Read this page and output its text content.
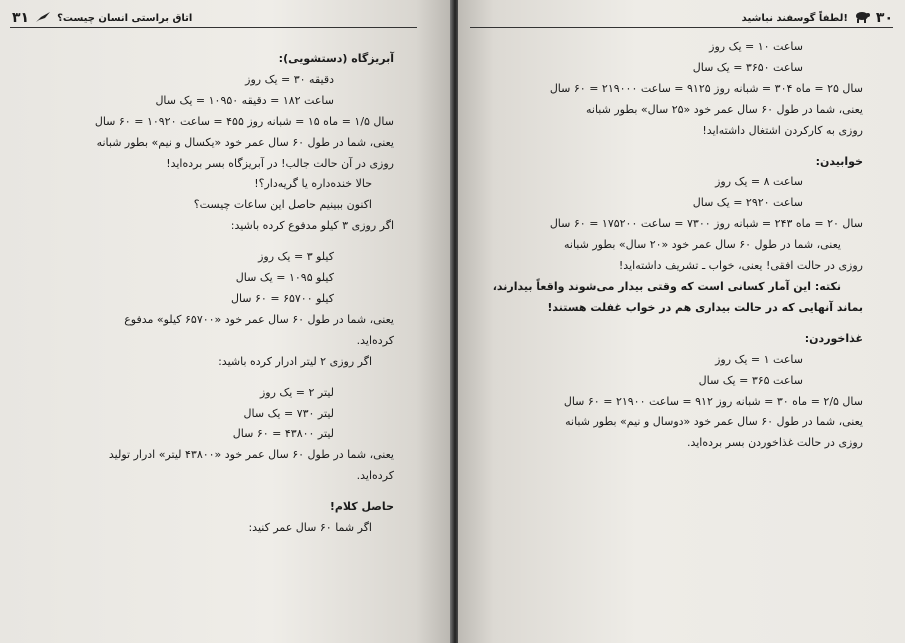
۳۱	اتاق براستی انسان چیست؟
آبریزگاه (دستشویی):
دقیقه ۳۰ = یک روز
ساعت ۱۸۲ = دقیقه ۱۰۹۵۰ = یک سال
سال ۱/۵ = ماه ۱۵ = شبانه روز ۴۵۵ = ساعت ۱۰۹۲۰ = ۶۰ سال
یعنی، شما در طول ۶۰ سال عمر خود «یکسال و نیم» بطور شبانه
روزی در آن حالت جالب! در آبریزگاه بسر برده‌اید!
حالا خنده‌داره یا گریه‌دار؟!
اکنون ببینیم حاصل این ساعات چیست؟
اگر روزی ۳ کیلو مدفوع کرده باشید:
کیلو ۳ = یک روز
کیلو ۱۰۹۵ = یک سال
کیلو ۶۵۷۰۰ = ۶۰ سال
یعنی، شما در طول ۶۰ سال عمر خود «۶۵۷۰۰ کیلو» مدفوع
کرده‌اید.
اگر روزی ۲ لیتر ادرار کرده باشید:
لیتر ۲ = یک روز
لیتر ۷۳۰ = یک سال
لیتر ۴۳۸۰۰ = ۶۰ سال
یعنی، شما در طول ۶۰ سال عمر خود «۴۳۸۰۰ لیتر» ادرار تولید
کرده‌اید.
حاصل کلام!
اگر شما ۶۰ سال عمر کنید:
لطفاً گوسفند نباشید! ۳۰
ساعت ۱۰ = یک روز
ساعت ۳۶۵۰ = یک سال
سال ۲۵ = ماه ۳۰۴ = شبانه روز ۹۱۲۵ = ساعت ۲۱۹۰۰۰ = ۶۰ سال
یعنی، شما در طول ۶۰ سال عمر خود «۲۵ سال» بطور شبانه
روزی به کارکردن اشتغال داشته‌اید!
خوابیدن:
ساعت ۸ = یک روز
ساعت ۲۹۲۰ = یک سال
سال ۲۰ = ماه ۲۴۳ = شبانه روز ۷۳۰۰ = ساعت ۱۷۵۲۰۰ = ۶۰ سال
یعنی، شما در طول ۶۰ سال عمر خود «۲۰ سال» بطور شبانه
روزی در حالت افقی! یعنی، خواب ـ تشریف داشته‌اید!
نکته: این آمار کسانی است که وقتی بیدار می‌شوند واقعاً بیدارند،
بماند آنهایی که در حالت بیداری هم در خواب غفلت هستند!
غذاخوردن:
ساعت ۱ = یک روز
ساعت ۳۶۵ = یک سال
سال ۲/۵ = ماه ۳۰ = شبانه روز ۹۱۲ = ساعت ۲۱۹۰۰ = ۶۰ سال
یعنی، شما در طول ۶۰ سال عمر خود «دوسال و نیم» بطور شبانه
روزی در حالت غذاخوردن بسر برده‌اید.
